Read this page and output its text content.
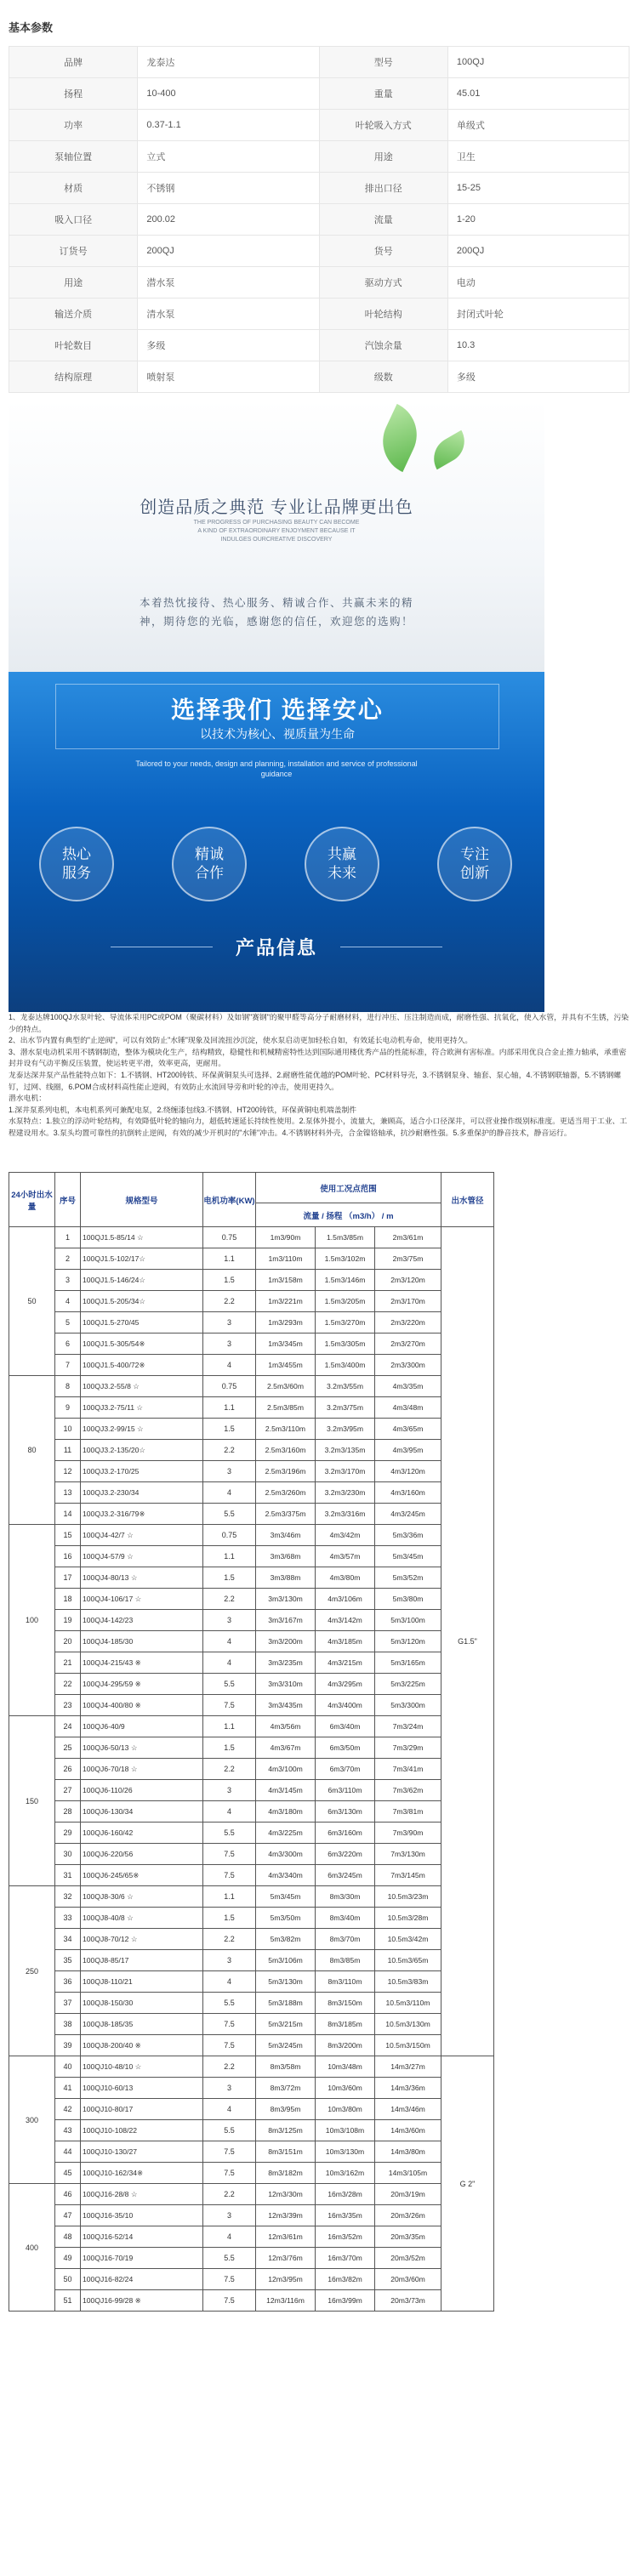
基本参数
品牌	龙泰达	型号	100QJ
扬程	10-400	重量	45.01
功率	0.37-1.1	叶轮吸入方式	单级式
泵轴位置	立式	用途	卫生
材质	不锈钢	排出口径	15-25
吸入口径	200.02	流量	1-20
订货号	200QJ	货号	200QJ
用途	潜水泵	驱动方式	电动
输送介质	清水泵	叶轮结构	封闭式叶轮
叶轮数目	多级	汽蚀余量	10.3
结构原理	喷射泵	级数	多级
创造品质之典范 专业让品牌更出色
THE PROGRESS OF PURCHASING BEAUTY CAN BECOME A KIND OF EXTRAORDINARY ENJOYMENT BECAUSE IT INDULGES OURCREATIVE DISCOVERY
本着热忱接待、热心服务、精诚合作、共赢未来的精
神，期待您的光临，感谢您的信任，欢迎您的选购！
选择我们 选择安心
以技术为核心、视质量为生命
Tailored to your needs, design and planning, installation and service of professional guidance
热心服务
精诚合作
共赢未来
专注创新
产品信息
1、龙泰达牌100QJ水泵叶轮、导流体采用PC或POM（聚碳材料）及如钢"赛钢"的聚甲醛等高分子耐磨材料，进行冲压、压注制造而成，耐磨性强、抗氧化，使入水管，并具有不生锈，污染少的特点。
2、出水节内置有典型的"止逆阀"，可以有效防止"水锤"现象及回流扭沙沉淀，使水泵启动更加轻松自如，有效延长电动机寿命，使用更持久。
3、潜水泵电动机采用不锈钢制造，整体为模块化生产，结构精致，稳健性和机械精密特性达到国际通用楼优秀产品的性能标准，符合欧洲有害标准。内部采用优良合金止推力轴承，承重密封并设有气动平衡反压装置，使运转更平滑，效率更高，更耐用。
龙泰达深井泵产品性能特点如下：1.不锈钢、HT200铸铁、环保黄铜泵头可选择、2.耐磨性能优越的POM叶轮、PC材料导壳，3.不锈钢泵身、轴套、泵心轴，4.不锈钢联轴器，5.不锈钢螺钉，过网、线圈，6.POM合成材料高性能止逆阀，有效防止水流回导旁和叶轮的冲击，使用更持久。
潜水电机：
1.深井泵系列电机，本电机系列可兼配电泵，2.绕缠漆包线3.不锈钢、HT200铸铁，环保黄铜电机端盖制件
水泵特点：1.独立的浮动叶轮结构，有效降低叶轮的轴向力，超低转速延长持续性使用。2.泵体外提小，流量大，兼顾高，适合小口径深井，可以营业操作级别标准度。更适当用于工业、工程建设用水。3.泵头均置可靠性的抗倒转止逆阀，有效的减少开机时的"水锤"冲击。4.不锈钢材料外壳，合金镍铬轴承，抗沙耐磨性强。5.多重保护的静音技术，静音运行。
24小时出水量	序号	规格型号	电机功率(KW)	使用工况点范围			出水管径
				流量 / 扬程 （m3/h） / m			
50	1	100QJ1.5-85/14 ☆	0.75	1m3/90m	1.5m3/85m	2m3/61m	G1.5"
	2	100QJ1.5-102/17☆	1.1	1m3/110m	1.5m3/102m	2m3/75m	
	3	100QJ1.5-146/24☆	1.5	1m3/158m	1.5m3/146m	2m3/120m	
	4	100QJ1.5-205/34☆	2.2	1m3/221m	1.5m3/205m	2m3/170m	
	5	100QJ1.5-270/45	3	1m3/293m	1.5m3/270m	2m3/220m	
	6	100QJ1.5-305/54※	3	1m3/345m	1.5m3/305m	2m3/270m	
	7	100QJ1.5-400/72※	4	1m3/455m	1.5m3/400m	2m3/300m	
80	8	100QJ3.2-55/8 ☆	0.75	2.5m3/60m	3.2m3/55m	4m3/35m	
	9	100QJ3.2-75/11 ☆	1.1	2.5m3/85m	3.2m3/75m	4m3/48m	
	10	100QJ3.2-99/15 ☆	1.5	2.5m3/110m	3.2m3/95m	4m3/65m	
	11	100QJ3.2-135/20☆	2.2	2.5m3/160m	3.2m3/135m	4m3/95m	
	12	100QJ3.2-170/25	3	2.5m3/196m	3.2m3/170m	4m3/120m	
	13	100QJ3.2-230/34	4	2.5m3/260m	3.2m3/230m	4m3/160m	
	14	100QJ3.2-316/79※	5.5	2.5m3/375m	3.2m3/316m	4m3/245m	
100	15	100QJ4-42/7 ☆	0.75	3m3/46m	4m3/42m	5m3/36m	
	16	100QJ4-57/9 ☆	1.1	3m3/68m	4m3/57m	5m3/45m	
	17	100QJ4-80/13 ☆	1.5	3m3/88m	4m3/80m	5m3/52m	
	18	100QJ4-106/17 ☆	2.2	3m3/130m	4m3/106m	5m3/80m	
	19	100QJ4-142/23	3	3m3/167m	4m3/142m	5m3/100m	
	20	100QJ4-185/30	4	3m3/200m	4m3/185m	5m3/120m	
	21	100QJ4-215/43 ※	4	3m3/235m	4m3/215m	5m3/165m	
	22	100QJ4-295/59 ※	5.5	3m3/310m	4m3/295m	5m3/225m	
	23	100QJ4-400/80 ※	7.5	3m3/435m	4m3/400m	5m3/300m	
150	24	100QJ6-40/9	1.1	4m3/56m	6m3/40m	7m3/24m	
	25	100QJ6-50/13 ☆	1.5	4m3/67m	6m3/50m	7m3/29m	
	26	100QJ6-70/18 ☆	2.2	4m3/100m	6m3/70m	7m3/41m	
	27	100QJ6-110/26	3	4m3/145m	6m3/110m	7m3/62m	
	28	100QJ6-130/34	4	4m3/180m	6m3/130m	7m3/81m	
	29	100QJ6-160/42	5.5	4m3/225m	6m3/160m	7m3/90m	
	30	100QJ6-220/56	7.5	4m3/300m	6m3/220m	7m3/130m	
	31	100QJ6-245/65※	7.5	4m3/340m	6m3/245m	7m3/145m	
250	32	100QJ8-30/6 ☆	1.1	5m3/45m	8m3/30m	10.5m3/23m	
	33	100QJ8-40/8 ☆	1.5	5m3/50m	8m3/40m	10.5m3/28m	
	34	100QJ8-70/12 ☆	2.2	5m3/82m	8m3/70m	10.5m3/42m	
	35	100QJ8-85/17	3	5m3/106m	8m3/85m	10.5m3/65m	
	36	100QJ8-110/21	4	5m3/130m	8m3/110m	10.5m3/83m	
	37	100QJ8-150/30	5.5	5m3/188m	8m3/150m	10.5m3/110m	
	38	100QJ8-185/35	7.5	5m3/215m	8m3/185m	10.5m3/130m	
	39	100QJ8-200/40 ※	7.5	5m3/245m	8m3/200m	10.5m3/150m	
300	40	100QJ10-48/10 ☆	2.2	8m3/58m	10m3/48m	14m3/27m	G 2"
	41	100QJ10-60/13	3	8m3/72m	10m3/60m	14m3/36m	
	42	100QJ10-80/17	4	8m3/95m	10m3/80m	14m3/46m	
	43	100QJ10-108/22	5.5	8m3/125m	10m3/108m	14m3/60m	
	44	100QJ10-130/27	7.5	8m3/151m	10m3/130m	14m3/80m	
	45	100QJ10-162/34※	7.5	8m3/182m	10m3/162m	14m3/105m	
400	46	100QJ16-28/8 ☆	2.2	12m3/30m	16m3/28m	20m3/19m	
	47	100QJ16-35/10	3	12m3/39m	16m3/35m	20m3/26m	
	48	100QJ16-52/14	4	12m3/61m	16m3/52m	20m3/35m	
	49	100QJ16-70/19	5.5	12m3/76m	16m3/70m	20m3/52m	
	50	100QJ16-82/24	7.5	12m3/95m	16m3/82m	20m3/60m	
	51	100QJ16-99/28 ※	7.5	12m3/116m	16m3/99m	20m3/73m	
